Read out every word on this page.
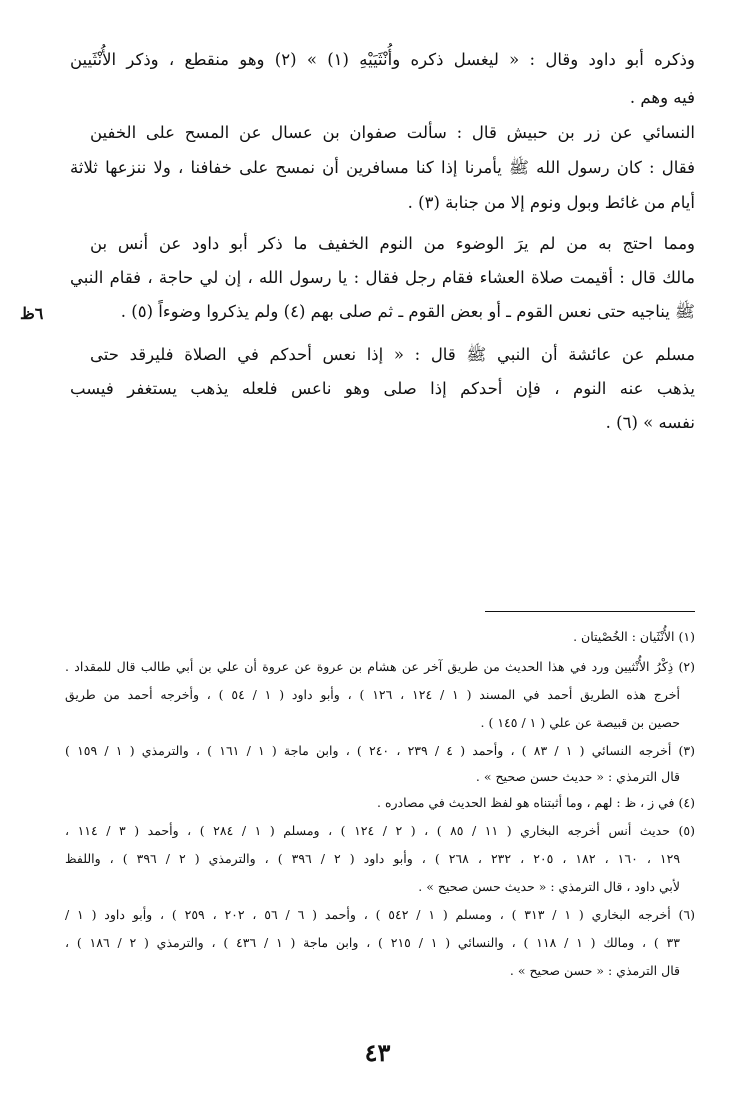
وذكره أبو داود وقال : « ليغسل ذكره وأُنْثَيَيْهِ (١) » (٢) وهو منقطع ، وذكر الأُنْثَيين
فيه وهم .
النسائي عن زر بن حبيش قال : سألت صفوان بن عسال عن المسح على الخفين
فقال : كان رسول الله ﷺ يأمرنا إذا كنا مسافرين أن نمسح على خفافنا ، ولا ننزعها ثلاثة
أيام من غائط وبول ونوم إلا من جنابة (٣) .
ومما احتج به من لم يرَ الوضوء من النوم الخفيف ما ذكر أبو داود عن أنس بن
مالك قال : أقيمت صلاة العشاء فقام رجل فقال : يا رسول الله ، إن لي حاجة ، فقام النبي
ﷺ يناجيه حتى نعس القوم ـ أو بعض القوم ـ ثم صلى بهم (٤) ولم يذكروا وضوءاً (٥) .
٦ظ
مسلم عن عائشة أن النبي ﷺ قال : « إذا نعس أحدكم في الصلاة فليرقد حتى
يذهب عنه النوم ، فإن أحدكم إذا صلى وهو ناعس فلعله يذهب يستغفر فيسب
نفسه » (٦) .
(١) الأُنْثَيان : الخُصْيتان .
(٢) ذِكْرُ الأُنْثيين ورد في هذا الحديث من طريق آخر عن هشام بن عروة عن عروة أن علي بن أبي طالب قال للمقداد .
أخرج هذه الطريق أحمد في المسند ( ١ / ١٢٤ ، ١٢٦ ) ، وأبو داود ( ١ / ٥٤ ) ، وأخرجه أحمد من طريق
حصين بن قبيصة عن علي ( ١ / ١٤٥ ) .
(٣) أخرجه النسائي ( ١ / ٨٣ ) ، وأحمد ( ٤ / ٢٣٩ ، ٢٤٠ ) ، وابن ماجة ( ١ / ١٦١ ) ، والترمذي ( ١ / ١٥٩ )
قال الترمذي : « حديث حسن صحيح » .
(٤) في ز ، ظ : لهم ، وما أثبتناه هو لفظ الحديث في مصادره .
(٥) حديث أنس أخرجه البخاري ( ١١ / ٨٥ ) ، ( ٢ / ١٢٤ ) ، ومسلم ( ١ / ٢٨٤ ) ، وأحمد ( ٣ / ١١٤ ،
١٢٩ ، ١٦٠ ، ١٨٢ ، ٢٠٥ ، ٢٣٢ ، ٢٦٨ ) ، وأبو داود ( ٢ / ٣٩٦ ) ، والترمذي ( ٢ / ٣٩٦ ) ، واللفظ
لأبي داود ، قال الترمذي : « حديث حسن صحيح » .
(٦) أخرجه البخاري ( ١ / ٣١٣ ) ، ومسلم ( ١ / ٥٤٢ ) ، وأحمد ( ٦ / ٥٦ ، ٢٠٢ ، ٢٥٩ ) ، وأبو داود ( ١ /
٣٣ ) ، ومالك ( ١ / ١١٨ ) ، والنسائي ( ١ / ٢١٥ ) ، وابن ماجة ( ١ / ٤٣٦ ) ، والترمذي ( ٢ / ١٨٦ ) ،
قال الترمذي : « حسن صحيح » .
٤٣
